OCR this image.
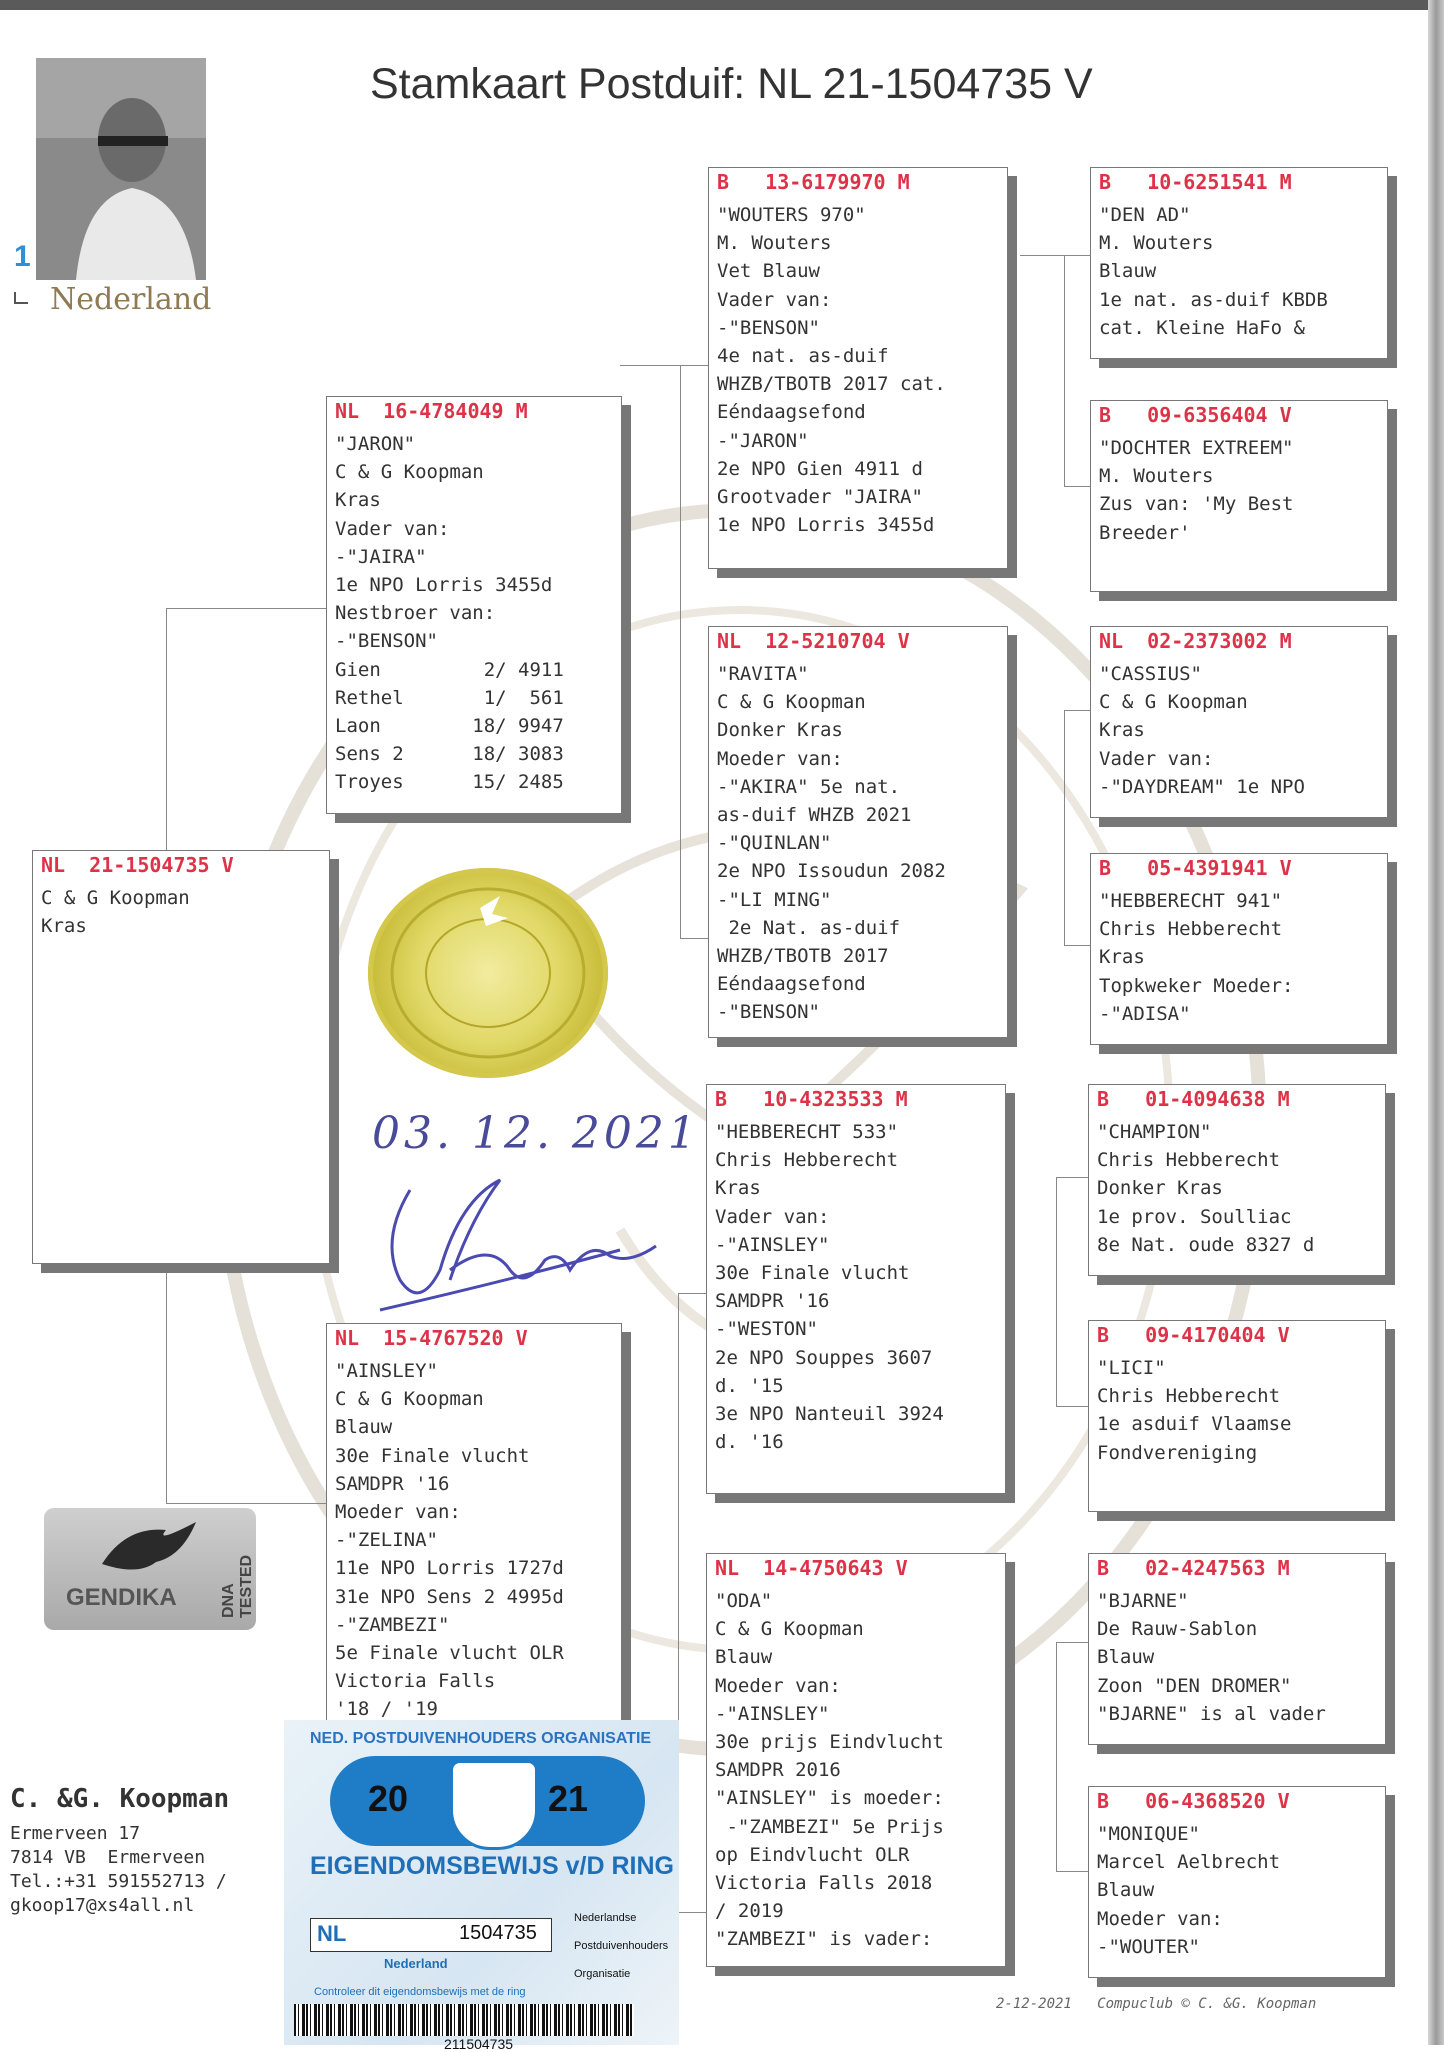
Stamkaart Postduif: NL 21-1504735 V
1
Nederland
NL  21-1504735 V
C & G Koopman
Kras
NL  16-4784049 M
"JARON"
C & G Koopman
Kras
Vader van:
-"JAIRA"
1e NPO Lorris 3455d
Nestbroer van:
-"BENSON"
Gien         2/ 4911
Rethel       1/  561
Laon        18/ 9947
Sens 2      18/ 3083
Troyes      15/ 2485
NL  15-4767520 V
"AINSLEY"
C & G Koopman
Blauw
30e Finale vlucht
SAMDPR '16
Moeder van:
-"ZELINA"
11e NPO Lorris 1727d
31e NPO Sens 2 4995d
-"ZAMBEZI"
5e Finale vlucht OLR
Victoria Falls
'18 / '19
B   13-6179970 M
"WOUTERS 970"
M. Wouters
Vet Blauw
Vader van:
-"BENSON"
4e nat. as-duif
WHZB/TBOTB 2017 cat.
Eéndaagsefond
-"JARON"
2e NPO Gien 4911 d
Grootvader "JAIRA"
1e NPO Lorris 3455d
NL  12-5210704 V
"RAVITA"
C & G Koopman
Donker Kras
Moeder van:
-"AKIRA" 5e nat.
as-duif WHZB 2021
-"QUINLAN"
2e NPO Issoudun 2082
-"LI MING"
2e Nat. as-duif
WHZB/TBOTB 2017
Eéndaagsefond
-"BENSON"
B   10-4323533 M
"HEBBERECHT 533"
Chris Hebberecht
Kras
Vader van:
-"AINSLEY"
30e Finale vlucht
SAMDPR '16
-"WESTON"
2e NPO Souppes 3607
d. '15
3e NPO Nanteuil 3924
d. '16
NL  14-4750643 V
"ODA"
C & G Koopman
Blauw
Moeder van:
-"AINSLEY"
30e prijs Eindvlucht
SAMDPR 2016
"AINSLEY" is moeder:
-"ZAMBEZI" 5e Prijs
op Eindvlucht OLR
Victoria Falls 2018
/ 2019
"ZAMBEZI" is vader:
B   10-6251541 M
"DEN AD"
M. Wouters
Blauw
1e nat. as-duif KBDB
cat. Kleine HaFo &
B   09-6356404 V
"DOCHTER EXTREEM"
M. Wouters
Zus van: 'My Best
Breeder'
NL  02-2373002 M
"CASSIUS"
C & G Koopman
Kras
Vader van:
-"DAYDREAM" 1e NPO
B   05-4391941 V
"HEBBERECHT 941"
Chris Hebberecht
Kras
Topkweker Moeder:
-"ADISA"
B   01-4094638 M
"CHAMPION"
Chris Hebberecht
Donker Kras
1e prov. Soulliac
8e Nat. oude 8327 d
B   09-4170404 V
"LICI"
Chris Hebberecht
1e asduif Vlaamse
Fondvereniging
B   02-4247563 M
"BJARNE"
De Rauw-Sablon
Blauw
Zoon "DEN DROMER"
"BJARNE" is al vader
B   06-4368520 V
"MONIQUE"
Marcel Aelbrecht
Blauw
Moeder van:
-"WOUTER"
03. 12. 2021
GENDIKA	DNA TESTED
C. &G. Koopman
Ermerveen 17
7814 VB  Ermerveen
Tel.:+31 591552713 /
gkoop17@xs4all.nl
NED. POSTDUIVENHOUDERS ORGANISATIE
20	21
EIGENDOMSBEWIJS v/D RING
NL	1504735
Nederlandse
Postduivenhouders
Organisatie
Nederland
Controleer dit eigendomsbewijs met de ring
211504735
2-12-2021   Compuclub © C. &G. Koopman
